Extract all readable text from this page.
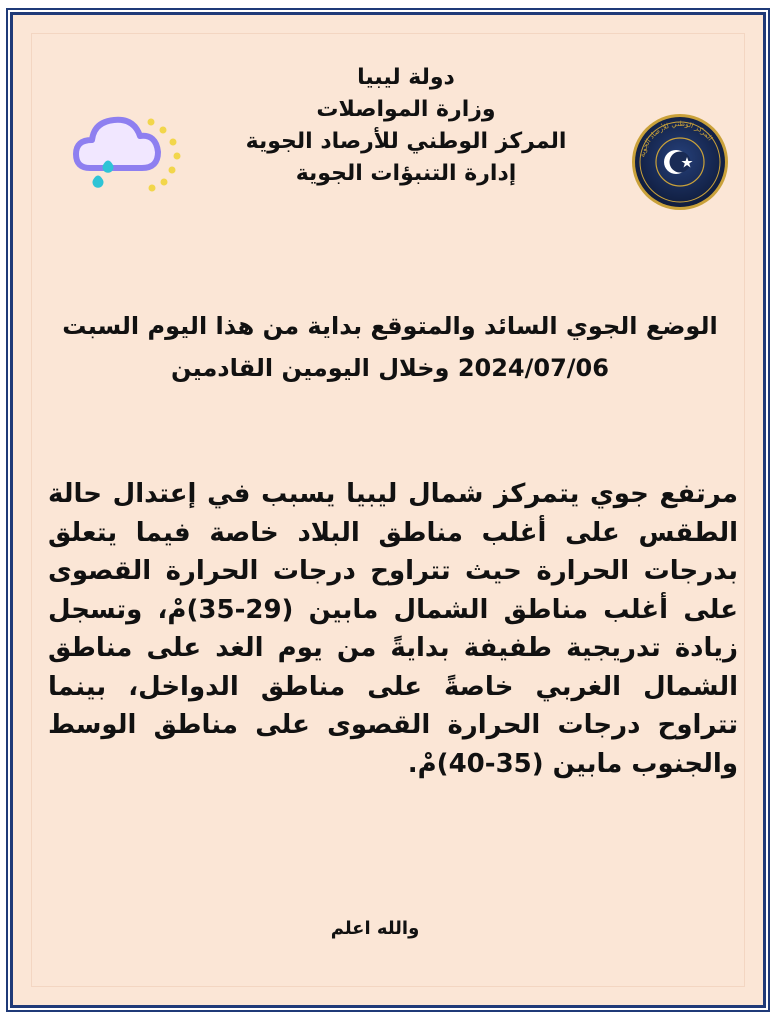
دولة ليبيا
وزارة المواصلات
المركز الوطني للأرصاد الجوية
إدارة التنبؤات الجوية
المركز الوطني للأرصاد الجوية
الوضع الجوي السائد والمتوقع بداية من هذا اليوم السبت
2024/07/06 وخلال اليومين القادمين
مرتفع جوي يتمركز شمال ليبيا يسبب في إعتدال حالة الطقس على أغلب مناطق البلاد خاصة فيما يتعلق بدرجات الحرارة حيث تتراوح درجات الحرارة القصوى على أغلب مناطق الشمال مابين (29-35)مْ، وتسجل زيادة تدريجية طفيفة بدايةً من يوم الغد على مناطق الشمال الغربي خاصةً على مناطق الدواخل، بينما تتراوح درجات الحرارة القصوى على مناطق الوسط والجنوب مابين (35-40)مْ.
والله اعلم
